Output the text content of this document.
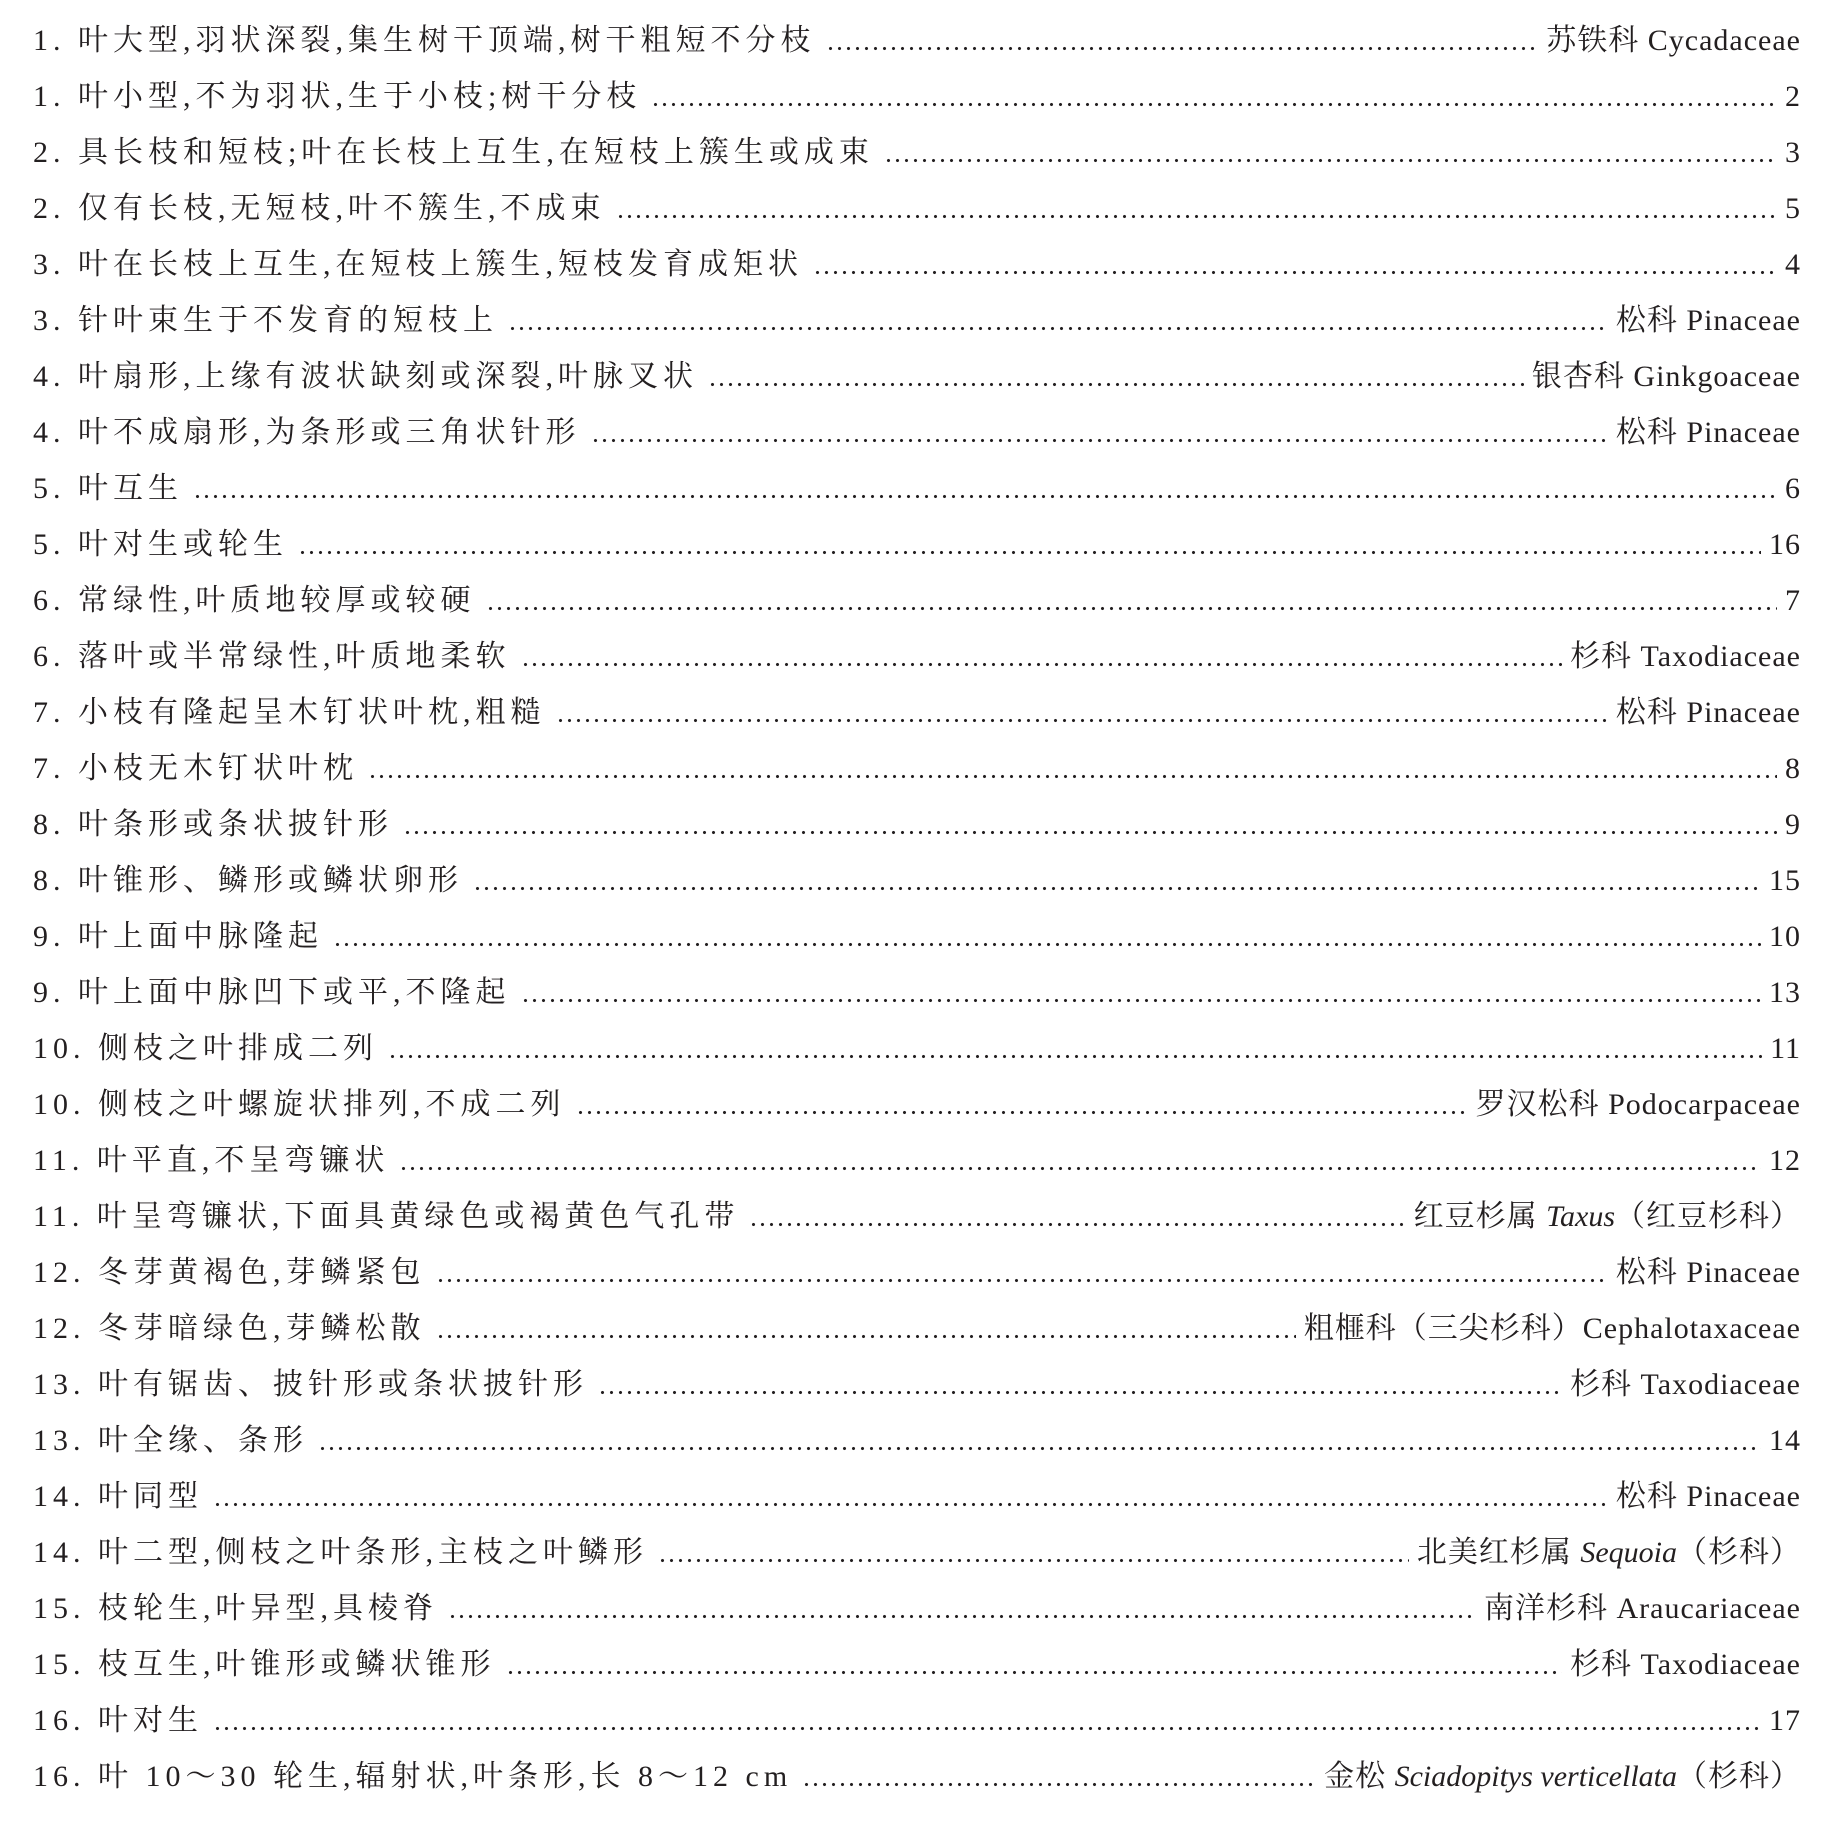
1. 叶大型,羽状深裂,集生树干顶端,树干粗短不分枝	苏铁科 Cycadaceae
1. 叶小型,不为羽状,生于小枝;树干分枝	2
2. 具长枝和短枝;叶在长枝上互生,在短枝上簇生或成束	3
2. 仅有长枝,无短枝,叶不簇生,不成束	5
3. 叶在长枝上互生,在短枝上簇生,短枝发育成矩状	4
3. 针叶束生于不发育的短枝上	松科 Pinaceae
4. 叶扇形,上缘有波状缺刻或深裂,叶脉叉状	银杏科 Ginkgoaceae
4. 叶不成扇形,为条形或三角状针形	松科 Pinaceae
5. 叶互生	6
5. 叶对生或轮生	16
6. 常绿性,叶质地较厚或较硬	7
6. 落叶或半常绿性,叶质地柔软	杉科 Taxodiaceae
7. 小枝有隆起呈木钉状叶枕,粗糙	松科 Pinaceae
7. 小枝无木钉状叶枕	8
8. 叶条形或条状披针形	9
8. 叶锥形、鳞形或鳞状卵形	15
9. 叶上面中脉隆起	10
9. 叶上面中脉凹下或平,不隆起	13
10. 侧枝之叶排成二列	11
10. 侧枝之叶螺旋状排列,不成二列	罗汉松科 Podocarpaceae
11. 叶平直,不呈弯镰状	12
11. 叶呈弯镰状,下面具黄绿色或褐黄色气孔带	红豆杉属 Taxus（红豆杉科）
12. 冬芽黄褐色,芽鳞紧包	松科 Pinaceae
12. 冬芽暗绿色,芽鳞松散	粗榧科（三尖杉科）Cephalotaxaceae
13. 叶有锯齿、披针形或条状披针形	杉科 Taxodiaceae
13. 叶全缘、条形	14
14. 叶同型	松科 Pinaceae
14. 叶二型,侧枝之叶条形,主枝之叶鳞形	北美红杉属 Sequoia（杉科）
15. 枝轮生,叶异型,具棱脊	南洋杉科 Araucariaceae
15. 枝互生,叶锥形或鳞状锥形	杉科 Taxodiaceae
16. 叶对生	17
16. 叶 10～30 轮生,辐射状,叶条形,长 8～12 cm	金松 Sciadopitys verticellata（杉科）
